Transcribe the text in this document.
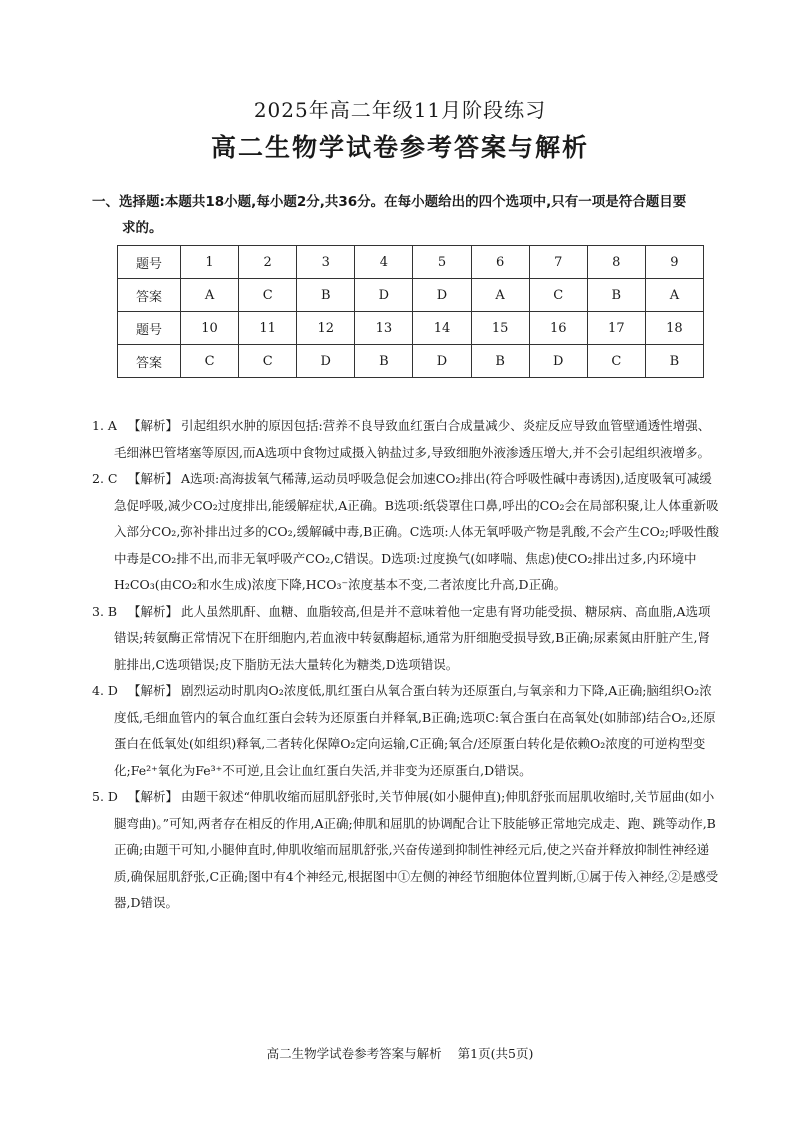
2025年高二年级11月阶段练习
高二生物学试卷参考答案与解析
一、选择题:本题共18小题,每小题2分,共36分。在每小题给出的四个选项中,只有一项是符合题目要
求的。
题号	1	2	3	4	5	6	7	8	9
答案	A	C	B	D	D	A	C	B	A
题号	10	11	12	13	14	15	16	17	18
答案	C	C	D	B	D	B	D	C	B

1. A 【解析】 引起组织水肿的原因包括:营养不良导致血红蛋白合成量减少、炎症反应导致血管壁通透性增强、毛细淋巴管堵塞等原因,而A选项中食物过咸摄入钠盐过多,导致细胞外液渗透压增大,并不会引起组织液增多。

2. C 【解析】 A选项:高海拔氧气稀薄,运动员呼吸急促会加速CO₂排出(符合呼吸性碱中毒诱因),适度吸氧可减缓急促呼吸,减少CO₂过度排出,能缓解症状,A正确。B选项:纸袋罩住口鼻,呼出的CO₂会在局部积聚,让人体重新吸入部分CO₂,弥补排出过多的CO₂,缓解碱中毒,B正确。C选项:人体无氧呼吸产物是乳酸,不会产生CO₂;呼吸性酸中毒是CO₂排不出,而非无氧呼吸产CO₂,C错误。D选项:过度换气(如哮喘、焦虑)使CO₂排出过多,内环境中H₂CO₃(由CO₂和水生成)浓度下降,HCO₃⁻浓度基本不变,二者浓度比升高,D正确。

3. B 【解析】 此人虽然肌酐、血糖、血脂较高,但是并不意味着他一定患有肾功能受损、糖尿病、高血脂,A选项错误;转氨酶正常情况下在肝细胞内,若血液中转氨酶超标,通常为肝细胞受损导致,B正确;尿素氮由肝脏产生,肾脏排出,C选项错误;皮下脂肪无法大量转化为糖类,D选项错误。

4. D 【解析】 剧烈运动时肌肉O₂浓度低,肌红蛋白从氧合蛋白转为还原蛋白,与氧亲和力下降,A正确;脑组织O₂浓度低,毛细血管内的氧合血红蛋白会转为还原蛋白并释氧,B正确;选项C:氧合蛋白在高氧处(如肺部)结合O₂,还原蛋白在低氧处(如组织)释氧,二者转化保障O₂定向运输,C正确;氧合/还原蛋白转化是依赖O₂浓度的可逆构型变化;Fe²⁺氧化为Fe³⁺不可逆,且会让血红蛋白失活,并非变为还原蛋白,D错误。

5. D 【解析】 由题干叙述“伸肌收缩而屈肌舒张时,关节伸展(如小腿伸直);伸肌舒张而屈肌收缩时,关节屈曲(如小腿弯曲)。”可知,两者存在相反的作用,A正确;伸肌和屈肌的协调配合让下肢能够正常地完成走、跑、跳等动作,B正确;由题干可知,小腿伸直时,伸肌收缩而屈肌舒张,兴奋传递到抑制性神经元后,使之兴奋并释放抑制性神经递质,确保屈肌舒张,C正确;图中有4个神经元,根据图中①左侧的神经节细胞体位置判断,①属于传入神经,②是感受器,D错误。

高二生物学试卷参考答案与解析 第1页(共5页)
